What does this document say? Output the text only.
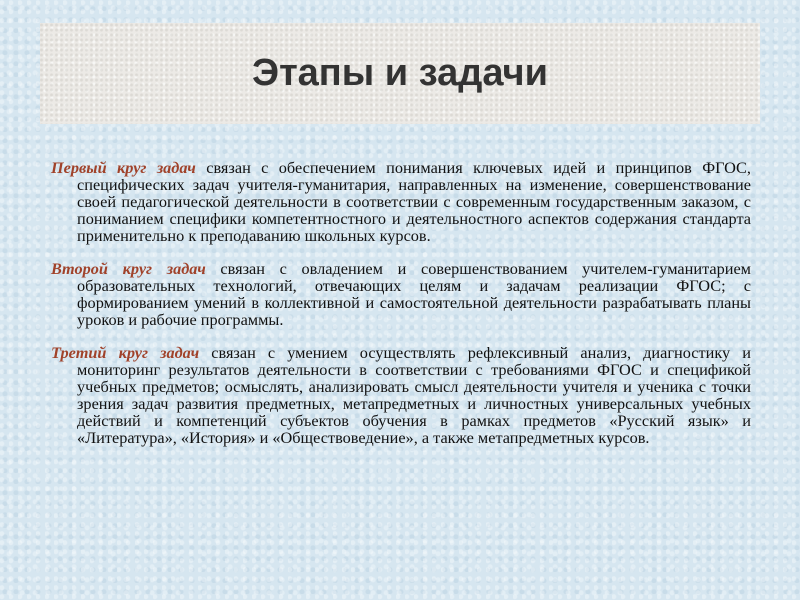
Этапы и задачи

Первый круг задач связан с обеспечением понимания ключевых идей и принципов ФГОС, специфических задач учителя-гуманитария, направленных на изменение, совершенствование своей педагогической деятельности в соответствии с современным государственным заказом, с пониманием специфики компетентностного и деятельностного аспектов содержания стандарта применительно к преподаванию школьных курсов.

Второй круг задач связан с овладением и совершенствованием учителем-гуманитарием образовательных технологий, отвечающих целям и задачам реализации ФГОС; с формированием умений в коллективной и самостоятельной деятельности разрабатывать планы уроков и рабочие программы.

Третий круг задач связан с умением осуществлять рефлексивный анализ, диагностику и мониторинг результатов деятельности в соответствии с требованиями ФГОС и спецификой учебных предметов; осмыслять, анализировать смысл деятельности учителя и ученика с точки зрения задач развития предметных, метапредметных и личностных универсальных учебных действий и компетенций субъектов обучения в рамках предметов «Русский язык» и «Литература», «История» и «Обществоведение», а также метапредметных курсов.
